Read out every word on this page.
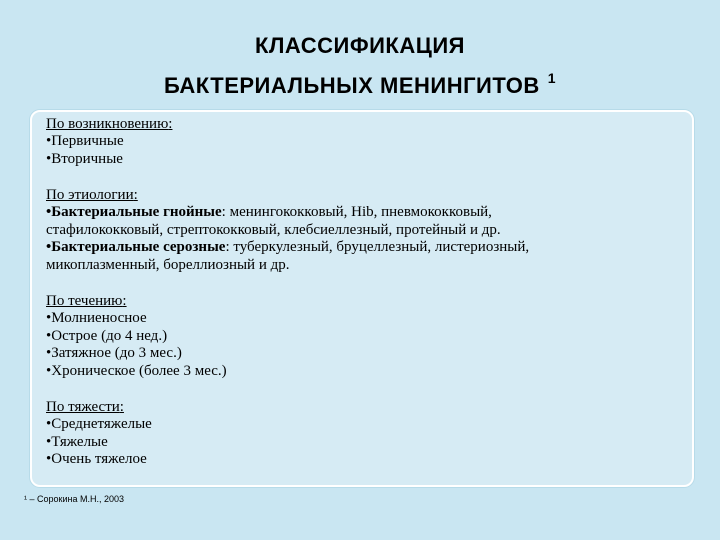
КЛАССИФИКАЦИЯ
БАКТЕРИАЛЬНЫХ МЕНИНГИТОВ $^1$
По возникновению:
•Первичные
•Вторичные
По этиологии:
•Бактериальные гнойные: менингококковый, Hib, пневмококковый,
стафилококковый, стрептококковый, клебсиеллезный, протейный и др.
•Бактериальные серозные: туберкулезный, бруцеллезный, листериозный,
микоплазменный, бореллиозный и др.
По течению:
•Молниеносное
•Острое (до 4 нед.)
•Затяжное (до 3 мес.)
•Хроническое (более 3 мес.)
По тяжести:
•Среднетяжелые
•Тяжелые
•Очень тяжелое
¹ – Сорокина М.Н., 2003
